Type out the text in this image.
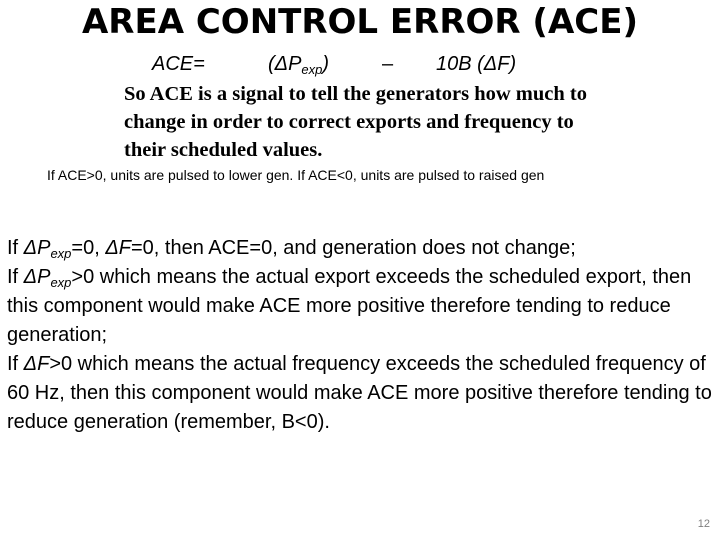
AREA CONTROL ERROR (ACE)
ACE=	$(\Delta P_{exp})$	– 10B (ΔF)

So ACE is a signal to tell the generators how much to change in order to correct exports and frequency to their scheduled values.

If ACE>0, units are pulsed to lower gen. If ACE<0, units are pulsed to raised gen

If $\Delta P_{exp}=0$, ΔF=0, then ACE=0, and generation does not change;

If $\Delta P_{exp}>0$ which means the actual export exceeds the scheduled export, then this component would make ACE more positive therefore tending to reduce generation;

If ΔF>0 which means the actual frequency exceeds the scheduled frequency of 60 Hz, then this component would make ACE more positive therefore tending to reduce generation (remember, B<0).

12
